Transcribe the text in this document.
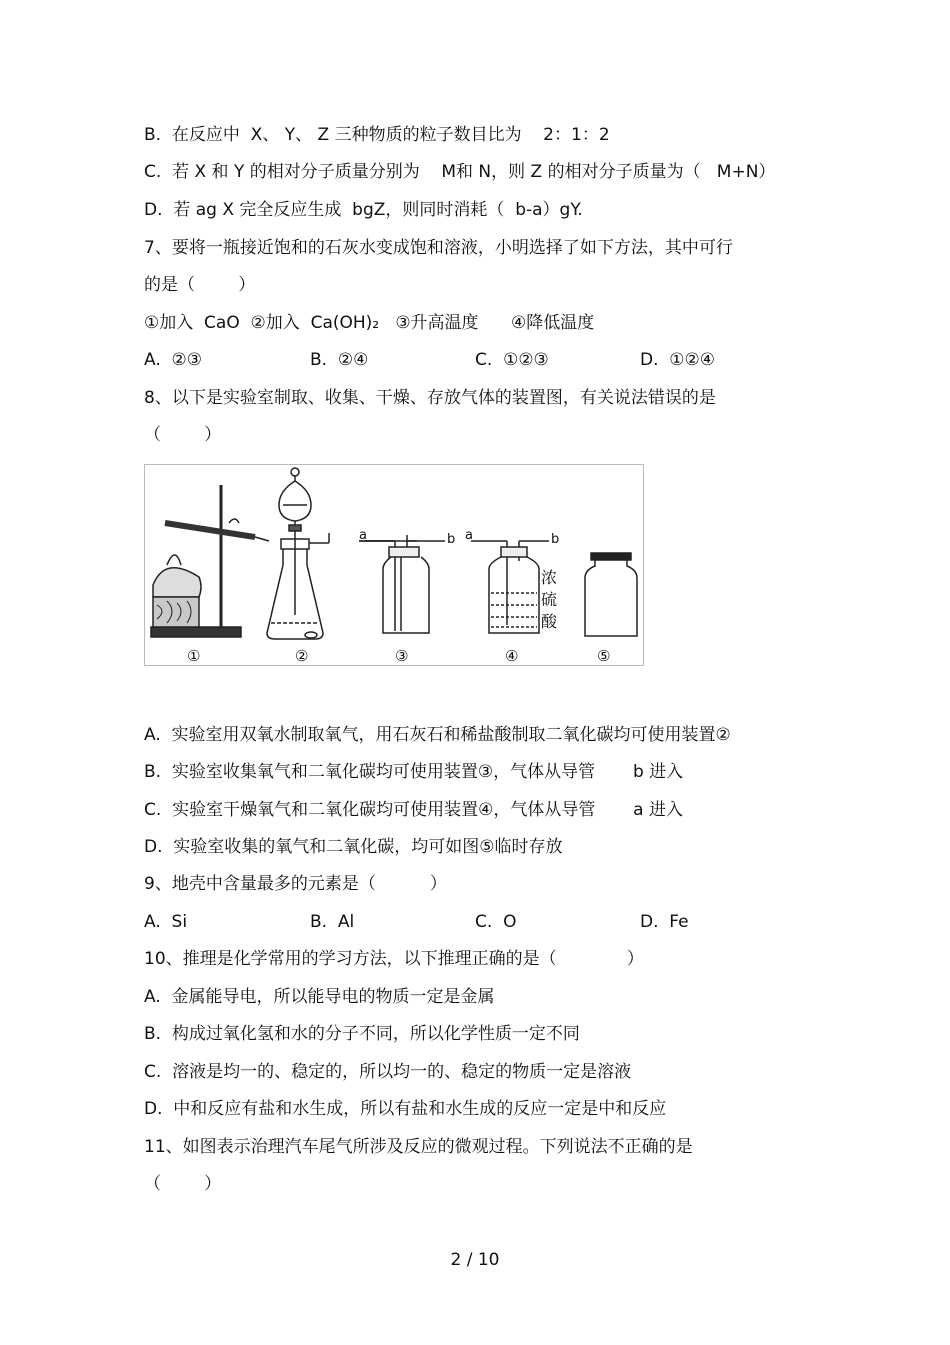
B.  在反应中  X、 Y、 Z 三种物质的粒子数目比为    2：1：2
C.  若 X 和 Y 的相对分子质量分别为    M和 N，则 Z 的相对分子质量为（   M+N）
D.  若 ag X 完全反应生成  bgZ，则同时消耗（  b-a）gY.
7、要将一瓶接近饱和的石灰水变成饱和溶液，小明选择了如下方法，其中可行
的是（        ）
①加入  CaO  ②加入  Ca(OH)₂   ③升高温度      ④降低温度
A.  ②③	B.  ②④	C.  ①②③	D.  ①②④
8、以下是实验室制取、收集、干燥、存放气体的装置图，有关说法错误的是
（        ）
a	b a	b
浓
硫
酸
①	②	③	④	⑤
A.  实验室用双氧水制取氧气，用石灰石和稀盐酸制取二氧化碳均可使用装置②
B.  实验室收集氧气和二氧化碳均可使用装置③，气体从导管       b 进入
C.  实验室干燥氧气和二氧化碳均可使用装置④，气体从导管       a 进入
D.  实验室收集的氧气和二氧化碳，均可如图⑤临时存放
9、地壳中含量最多的元素是（          ）
A.  Si	B.  Al	C.  O	D.  Fe
10、推理是化学常用的学习方法，以下推理正确的是（             ）
A.  金属能导电，所以能导电的物质一定是金属
B.  构成过氧化氢和水的分子不同，所以化学性质一定不同
C.  溶液是均一的、稳定的，所以均一的、稳定的物质一定是溶液
D.  中和反应有盐和水生成，所以有盐和水生成的反应一定是中和反应
11、如图表示治理汽车尾气所涉及反应的微观过程。下列说法不正确的是
（        ）
2 / 10
